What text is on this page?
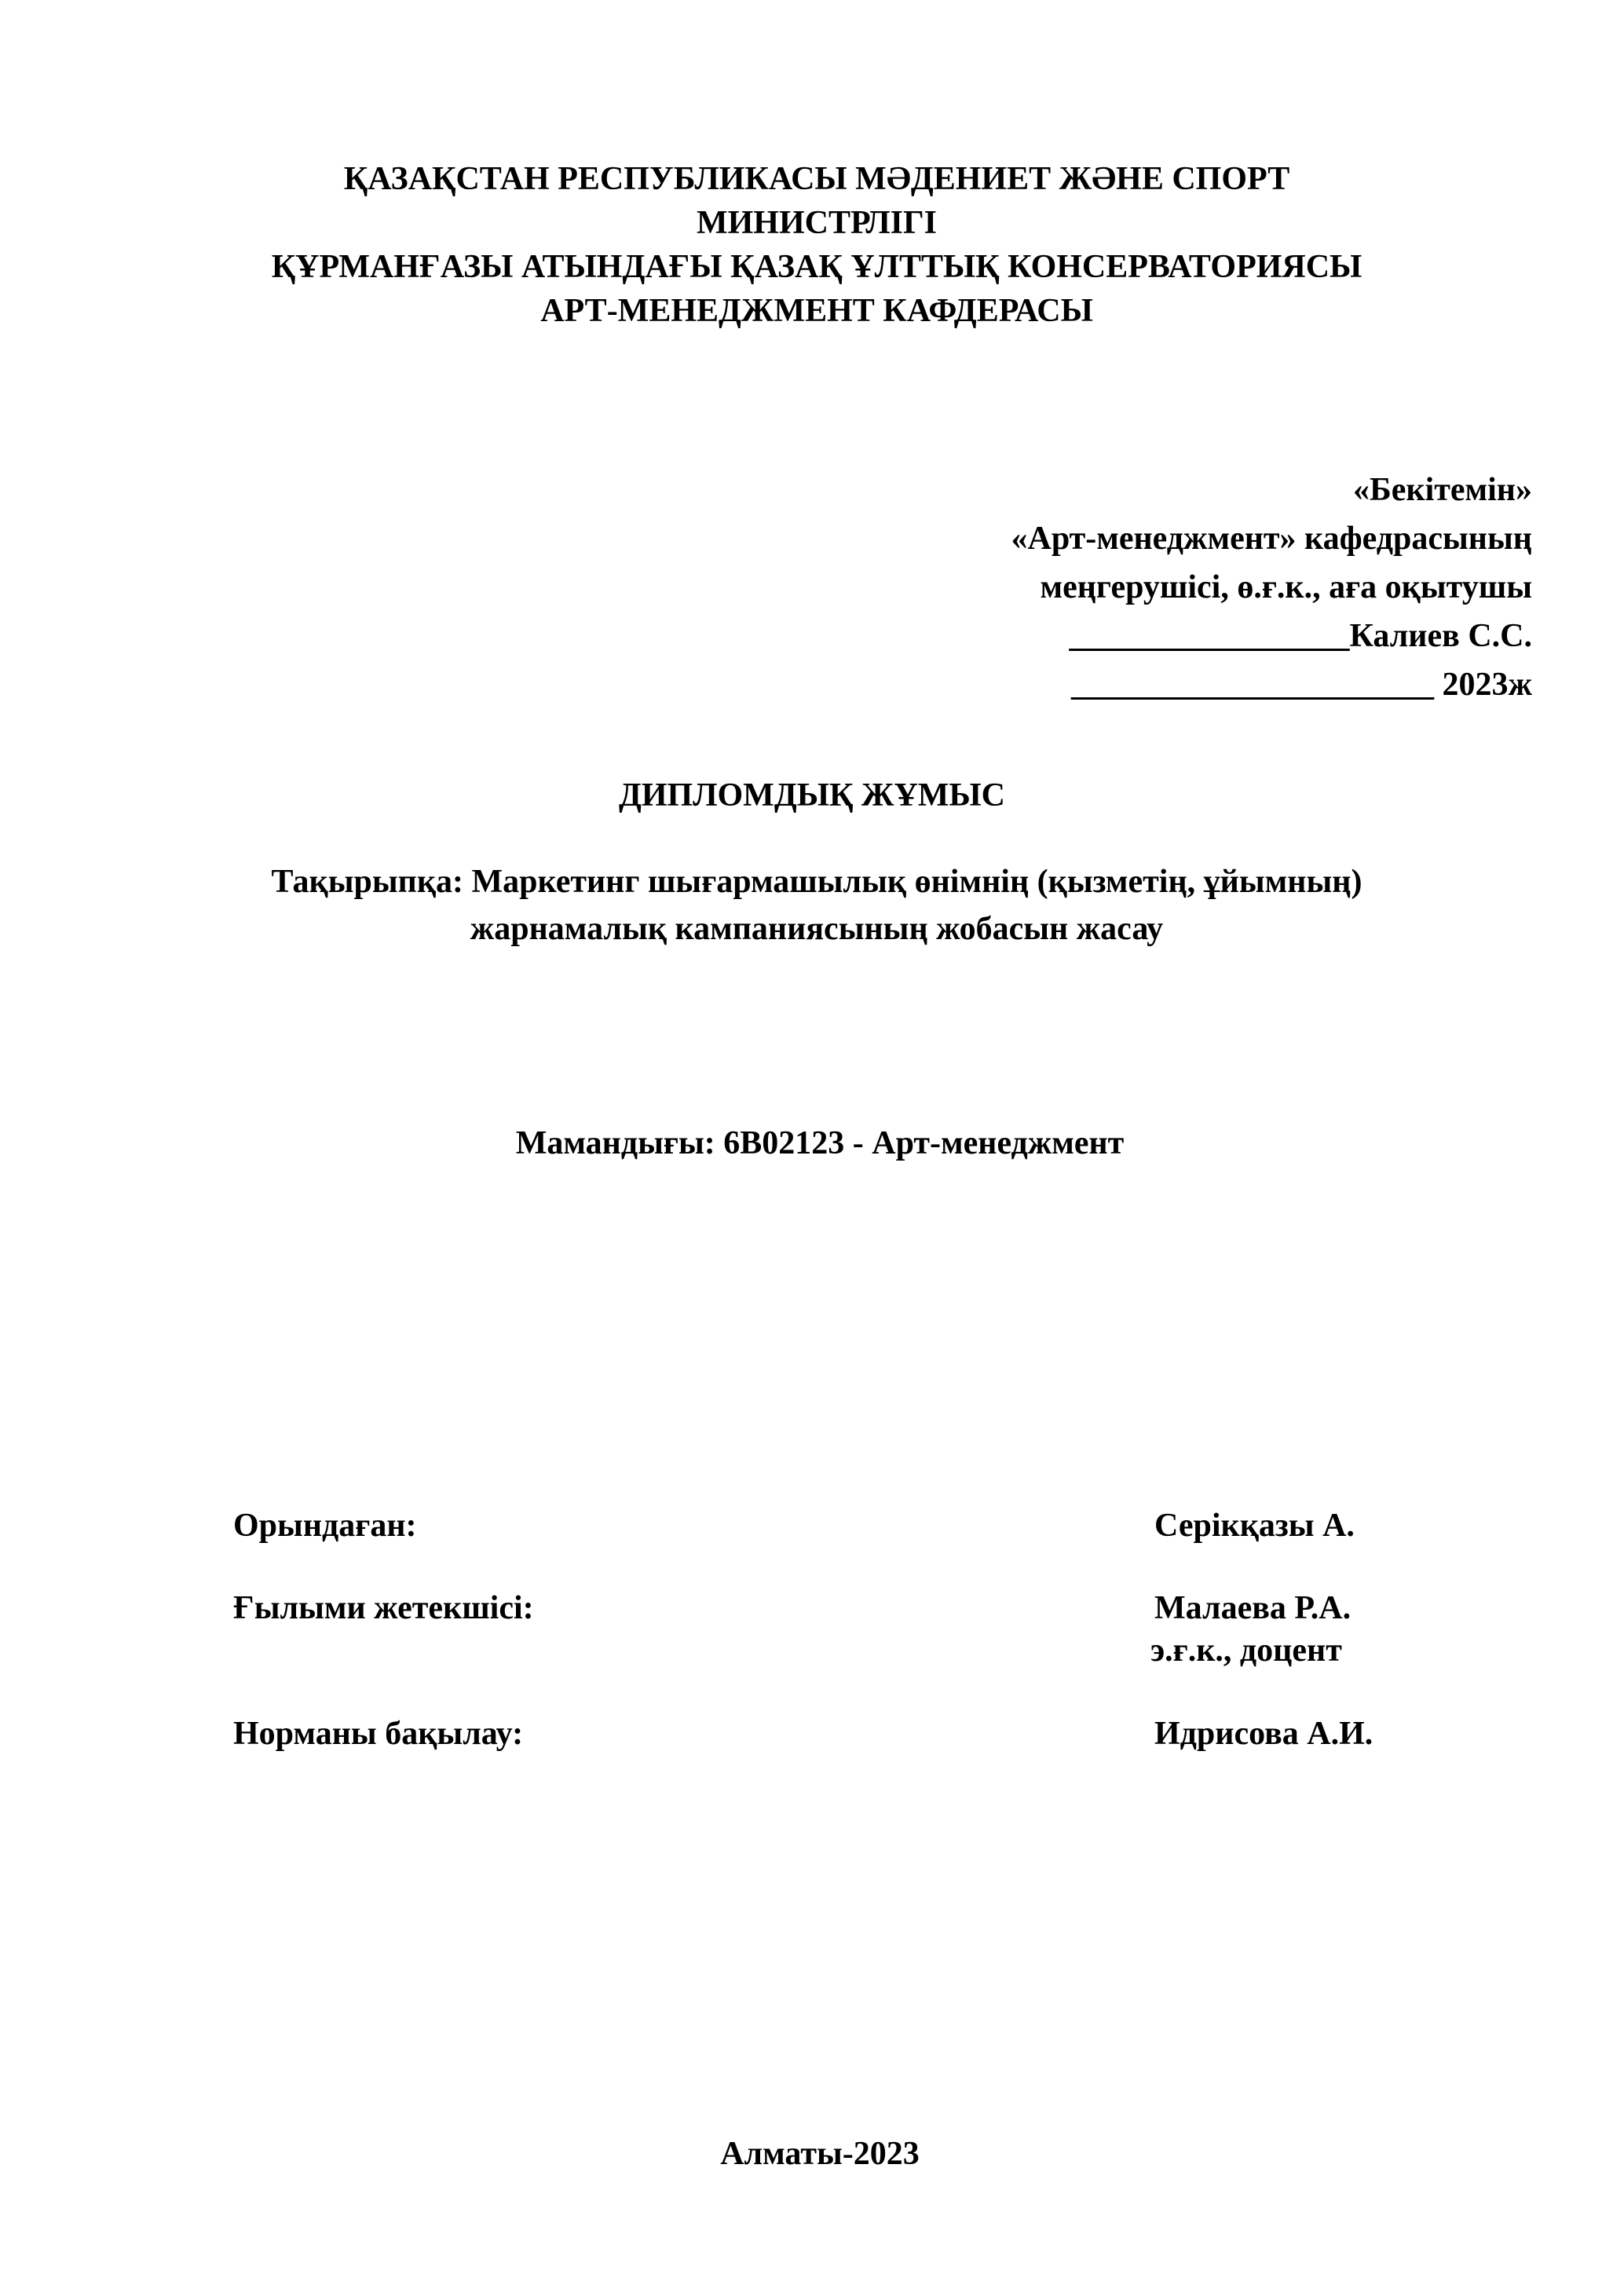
ҚАЗАҚСТАН РЕСПУБЛИКАСЫ МӘДЕНИЕТ ЖӘНЕ СПОРТ
МИНИСТРЛІГІ
ҚҰРМАНҒАЗЫ АТЫНДАҒЫ ҚАЗАҚ ҰЛТТЫҚ КОНСЕРВАТОРИЯСЫ
АРТ-МЕНЕДЖМЕНТ КАФДЕРАСЫ
«Бекітемін»
«Арт-менеджмент» кафедрасының
меңгерушісі, ө.ғ.к., аға оқытушы
_________________Калиев С.С.
______________________ 2023ж
ДИПЛОМДЫҚ ЖҰМЫС
Тақырыпқа: Маркетинг шығармашылық өнімнің (қызметің, ұйымның)
жарнамалық кампаниясының жобасын жасау
Мамандығы: 6В02123 - Арт-менеджмент
Орындаған:	Серікқазы А.
Ғылыми жетекшісі:	Малаева Р.А.
э.ғ.к., доцент
Норманы бақылау:	Идрисова А.И.
Алматы-2023
